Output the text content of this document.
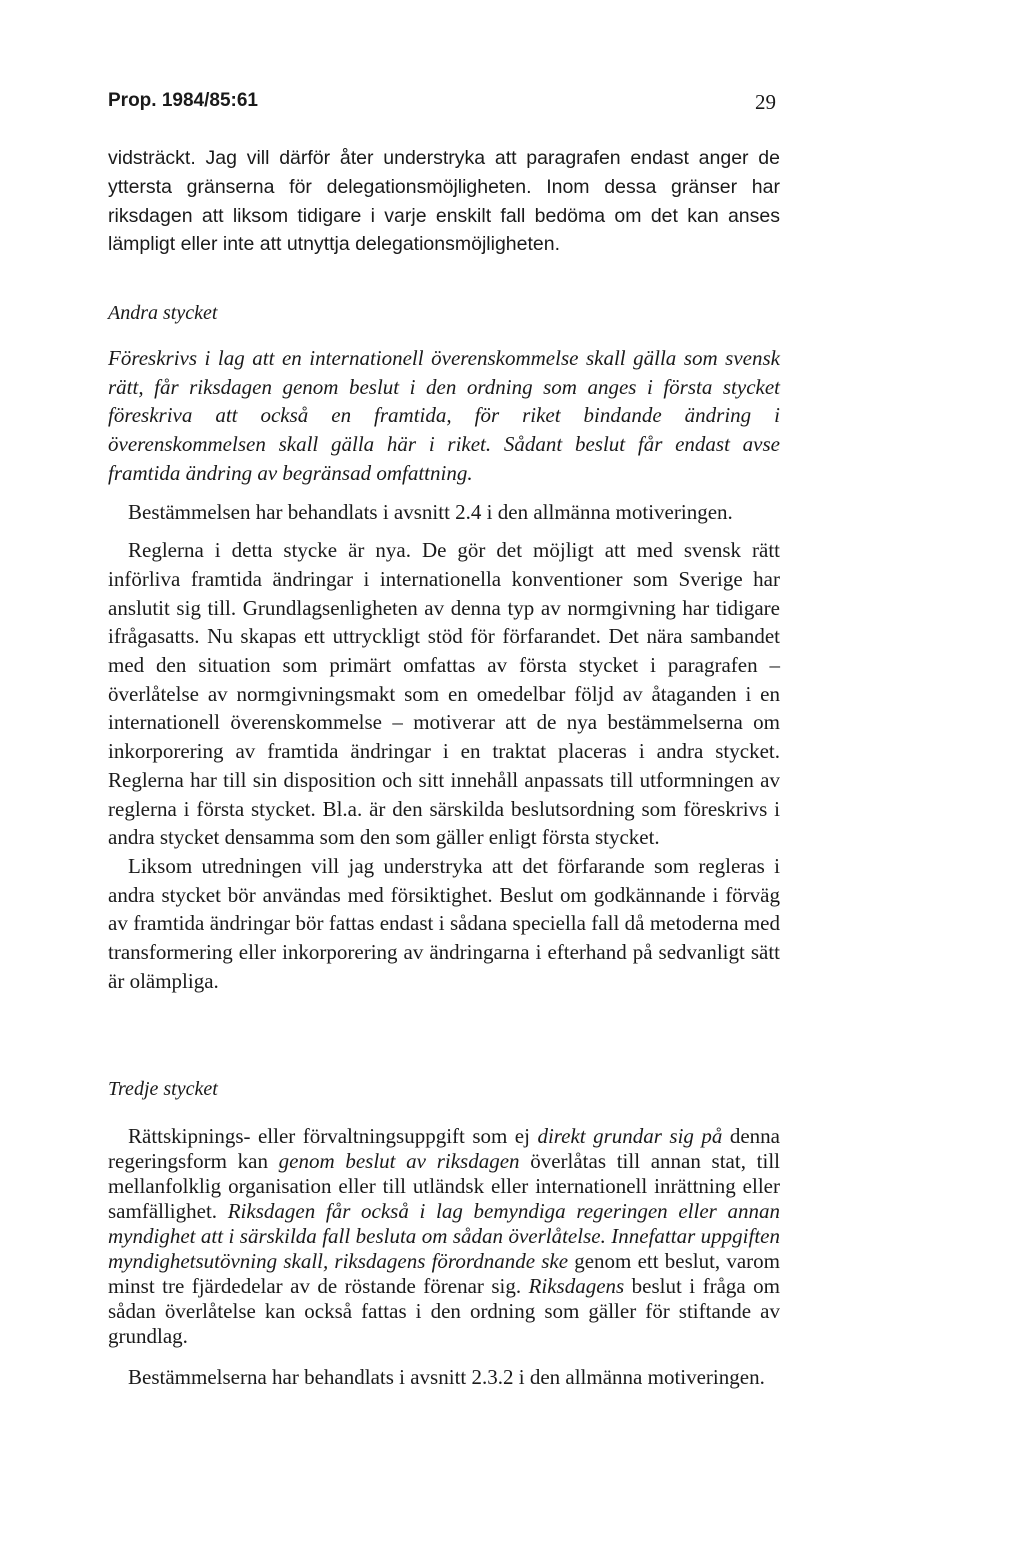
Prop. 1984/85:61	29

vidsträckt. Jag vill därför åter understryka att paragrafen endast anger de yttersta gränserna för delegationsmöjligheten. Inom dessa gränser har riksdagen att liksom tidigare i varje enskilt fall bedöma om det kan anses lämpligt eller inte att utnyttja delegationsmöjligheten.

Andra stycket

Föreskrivs i lag att en internationell överenskommelse skall gälla som svensk rätt, får riksdagen genom beslut i den ordning som anges i första stycket föreskriva att också en framtida, för riket bindande ändring i överenskommelsen skall gälla här i riket. Sådant beslut får endast avse framtida ändring av begränsad omfattning.

Bestämmelsen har behandlats i avsnitt 2.4 i den allmänna motiveringen.

Reglerna i detta stycke är nya. De gör det möjligt att med svensk rätt införliva framtida ändringar i internationella konventioner som Sverige har anslutit sig till. Grundlagsenligheten av denna typ av normgivning har tidigare ifrågasatts. Nu skapas ett uttryckligt stöd för förfarandet. Det nära sambandet med den situation som primärt omfattas av första stycket i paragrafen – överlåtelse av normgivningsmakt som en omedelbar följd av åtaganden i en internationell överenskommelse – motiverar att de nya bestämmelserna om inkorporering av framtida ändringar i en traktat placeras i andra stycket. Reglerna har till sin disposition och sitt innehåll anpassats till utformningen av reglerna i första stycket. Bl.a. är den särskilda beslutsordning som föreskrivs i andra stycket densamma som den som gäller enligt första stycket.

Liksom utredningen vill jag understryka att det förfarande som regleras i andra stycket bör användas med försiktighet. Beslut om godkännande i förväg av framtida ändringar bör fattas endast i sådana speciella fall då metoderna med transformering eller inkorporering av ändringarna i efterhand på sedvanligt sätt är olämpliga.

Tredje stycket

Rättskipnings- eller förvaltningsuppgift som ej direkt grundar sig på denna regeringsform kan genom beslut av riksdagen överlåtas till annan stat, till mellanfolklig organisation eller till utländsk eller internationell inrättning eller samfällighet. Riksdagen får också i lag bemyndiga regeringen eller annan myndighet att i särskilda fall besluta om sådan överlåtelse. Innefattar uppgiften myndighetsutövning skall, riksdagens förordnande ske genom ett beslut, varom minst tre fjärdedelar av de röstande förenar sig. Riksdagens beslut i fråga om sådan överlåtelse kan också fattas i den ordning som gäller för stiftande av grundlag.

Bestämmelserna har behandlats i avsnitt 2.3.2 i den allmänna motiveringen.
